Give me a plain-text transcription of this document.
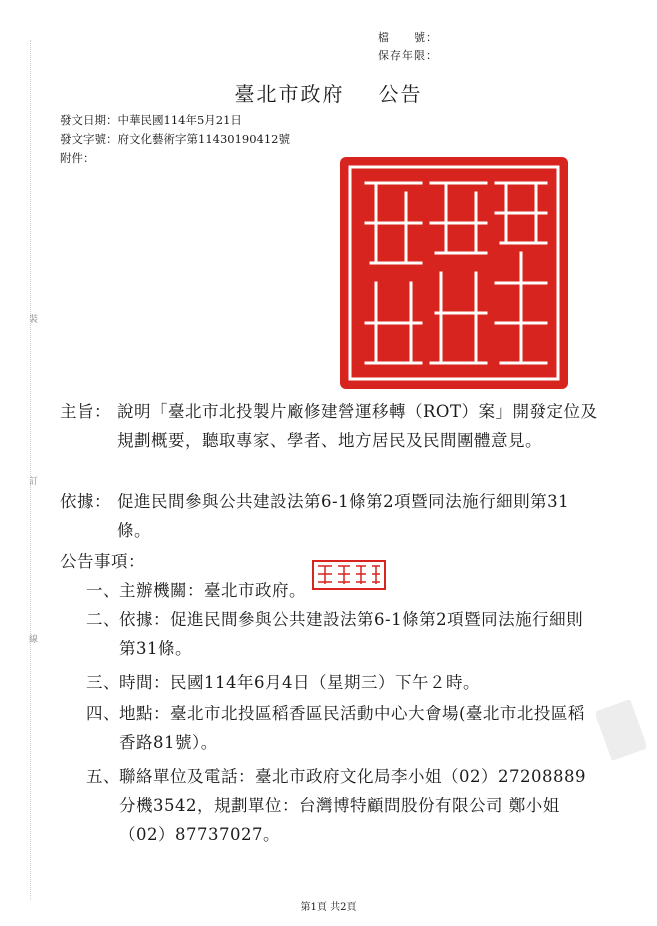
裝
訂
線
檔　　號：
保存年限：
臺北市政府 公告
發文日期：中華民國114年5月21日
發文字號：府文化藝術字第11430190412號
附件：
主旨： 說明「臺北市北投製片廠修建營運移轉（ROT）案」開發定位及規劃概要，聽取專家、學者、地方居民及民間團體意見。
依據： 促進民間參與公共建設法第6-1條第2項暨同法施行細則第31條。
公告事項：
一、 主辦機關：臺北市政府。
二、 依據：促進民間參與公共建設法第6-1條第2項暨同法施行細則第31條。
三、 時間：民國114年6月4日（星期三）下午２時。
四、 地點：臺北市北投區稻香區民活動中心大會場(臺北市北投區稻香路81號）。
五、 聯絡單位及電話：臺北市政府文化局李小姐（02）27208889分機3542，規劃單位：台灣博特顧問股份有限公司 鄭小姐（02）87737027。
第1頁 共2頁
